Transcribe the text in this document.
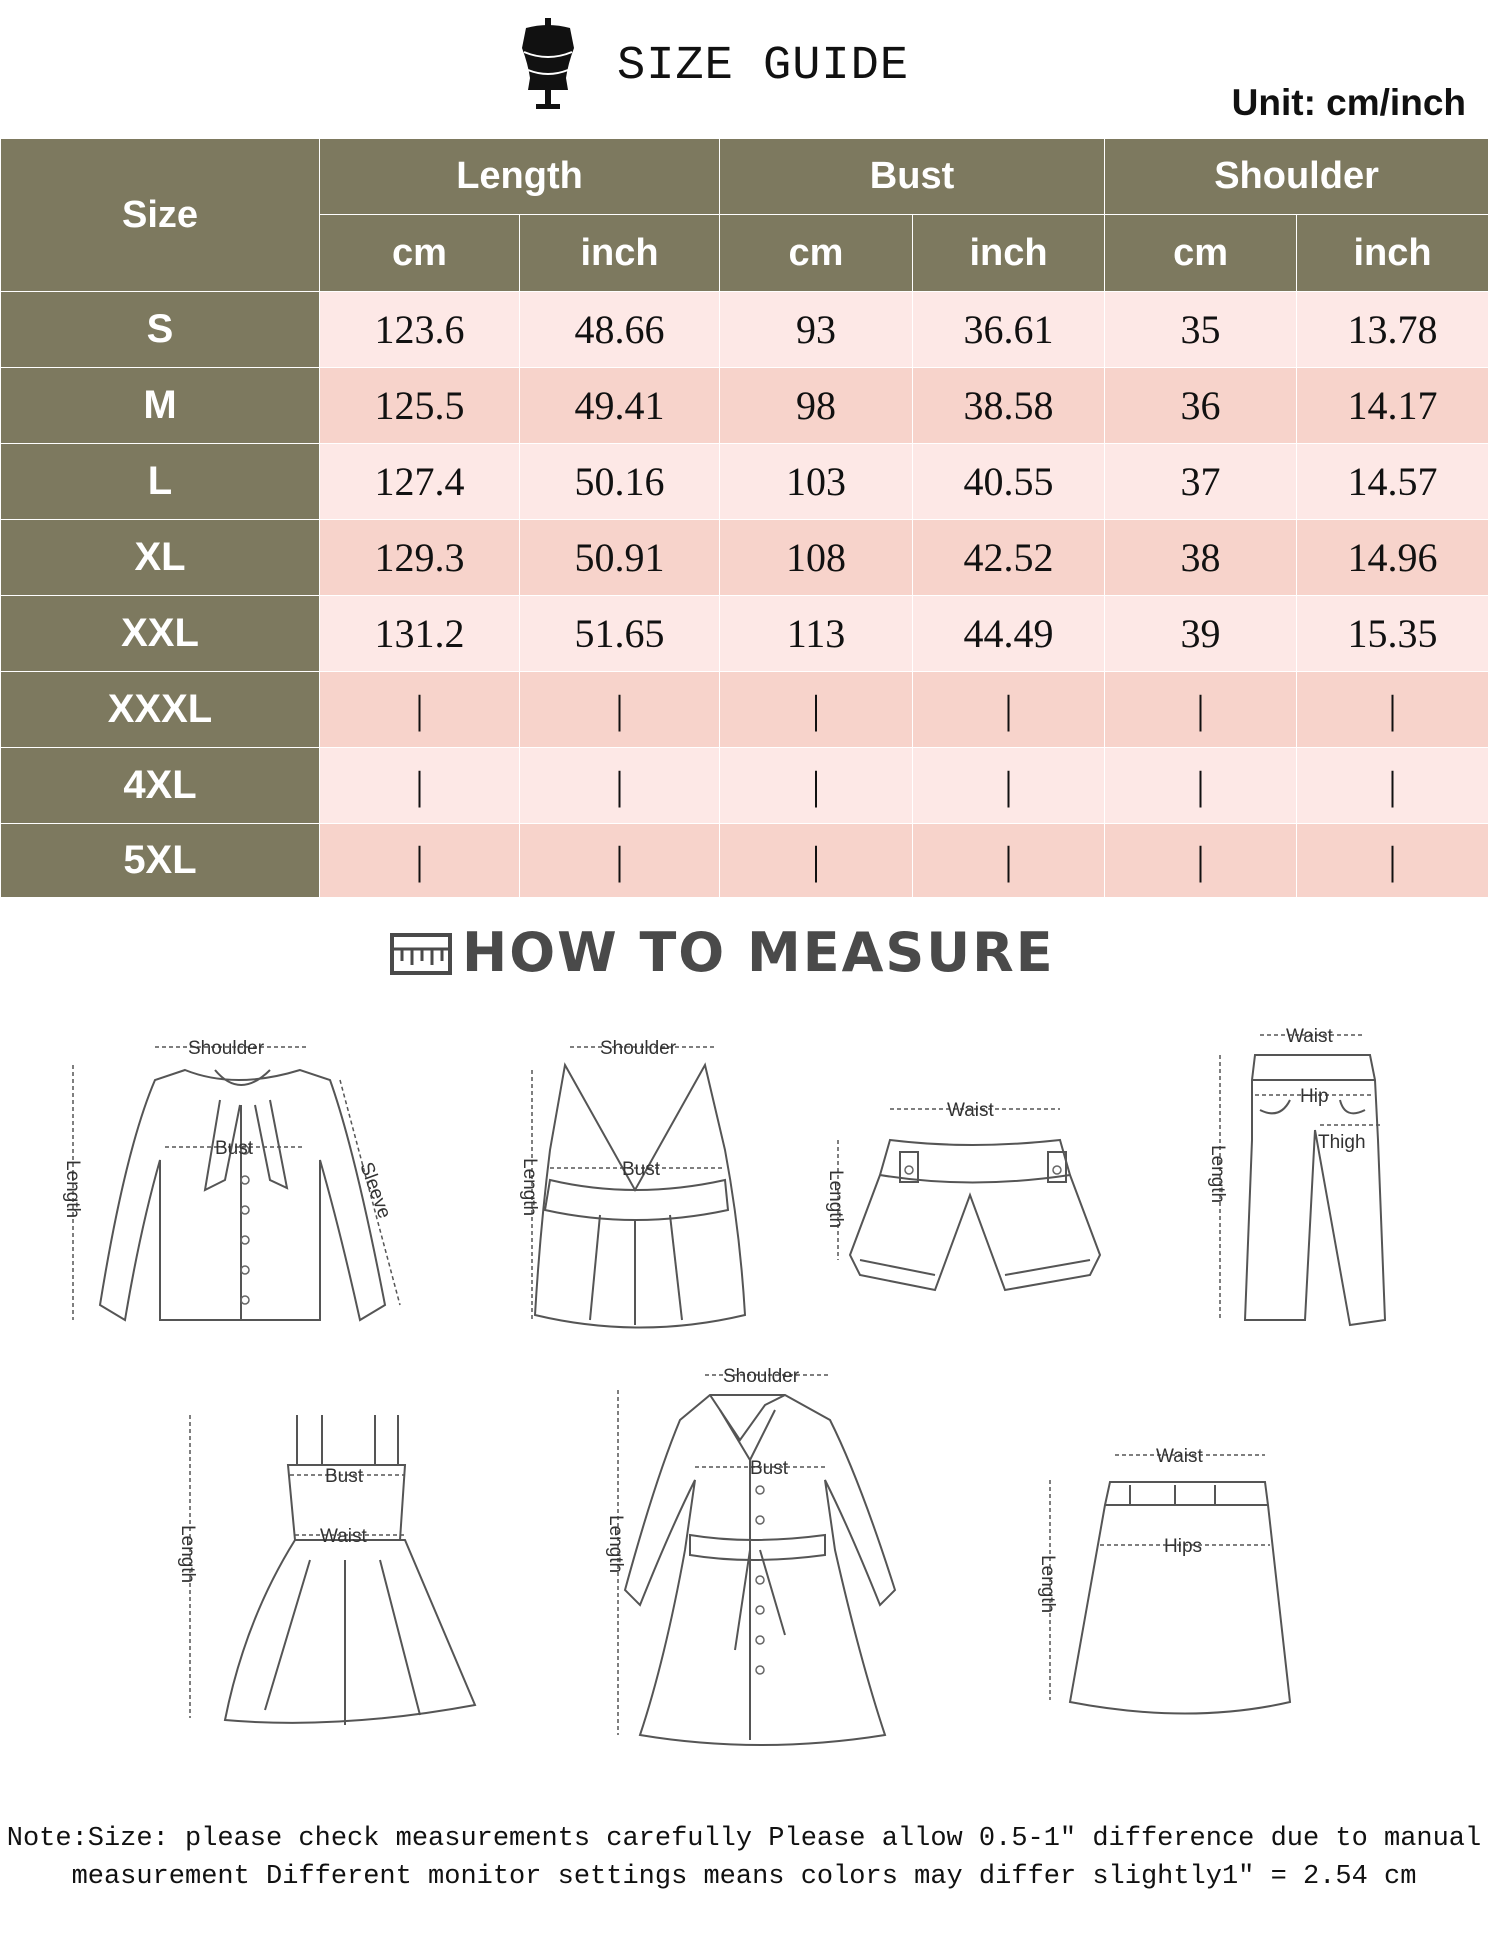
SIZE GUIDE
Unit: cm/inch
Size	Length		Bust		Shoulder	
	cm	inch	cm	inch	cm	inch
S	123.6	48.66	93	36.61	35	13.78
M	125.5	49.41	98	38.58	36	14.17
L	127.4	50.16	103	40.55	37	14.57
XL	129.3	50.91	108	42.52	38	14.96
XXL	131.2	51.65	113	44.49	39	15.35
XXXL	|	|	|	|	|	|
4XL	|	|	|	|	|	|
5XL	|	|	|	|	|	|
HOW TO MEASURE
Shoulder
Bust
Length	Sleeve
Shoulder
Bust
Length
Waist
Length
Waist
Hip
Thigh
Length
Bust
Waist
Length
Shoulder
Bust
Length
Waist
Hips
Length
Note:Size: please check measurements carefully Please allow 0.5-1″ difference due to manual
measurement Different monitor settings means colors may differ slightly1″ = 2.54 cm
